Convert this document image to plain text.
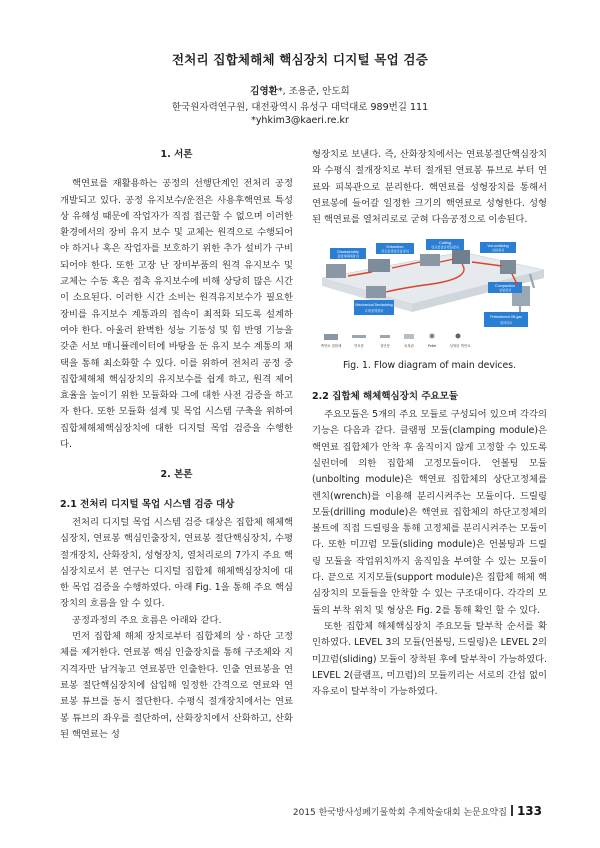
전처리 집합체해체 핵심장치 디지털 목업 검증
김영환*, 조용준, 안도희
한국원자력연구원, 대전광역시 유성구 대덕대로 989번길 111
*yhkim3@kaeri.re.kr
1. 서론

핵연료를 재활용하는 공정의 선행단계인 전처리 공정 개발되고 있다. 공정 유지보수/운전은 사용후핵연료 특성상 유해성 때문에 작업자가 직접 접근할 수 없으며 이러한 환경에서의 장비 유지 보수 및 교체는 원격으로 수행되어야 하거나 혹은 작업자를 보호하기 위한 추가 설비가 구비되어야 한다. 또한 고장 난 장비부품의 원격 유지보수 및 교체는 수동 혹은 접촉 유지보수에 비해 상당히 많은 시간이 소요된다. 이러한 시간 소비는 원격유지보수가 필요한 장비를 유지보수 계통과의 접속이 최적화 되도록 설계하여야 한다. 아울러 완벽한 성능 기동성 및 힘 반영 기능을 갖춘 서보 매니퓰레이터에 바탕을 둔 유지 보수 계통의 채택을 통해 최소화할 수 있다. 이를 위하여 전처리 공정 중 집합체해체 핵심장치의 유지보수를 쉽게 하고, 원격 제어 효율을 높이기 위한 모듈화와 그에 대한 사전 검증을 하고자 한다. 또한 모듈화 설계 및 목업 시스템 구축을 위하여 집합체해체핵심장치에 대한 디지털 목업 검증을 수행한다.

2. 본론
2.1 전처리 디지털 목업 시스템 검증 대상

전처리 디지털 목업 시스템 검증 대상은 집합체 해체핵심장치, 연료봉 핵심인출장치, 연료봉 절단핵심장치, 수평절개장치, 산화장치, 성형장치, 열처리로의 7가지 주요 핵심장치로서 본 연구는 디지털 집합체 해체핵심장치에 대한 목업 검증을 수행하였다. 아래 Fig. 1을 통해 주요 핵심장치의 흐름을 알 수 있다.

공정과정의 주요 흐름은 아래와 같다.

먼저 집합체 해체 장치로부터 집합체의 상ㆍ하단 고정체를 제거한다. 연료봉 핵심 인출장치를 통해 구조체와 지지격자만 남겨놓고 연료봉만 인출한다. 인출 연료봉을 연료봉 절단핵심장치에 삽입해 일정한 간격으로 연료와 연료봉 튜브를 동시 절단한다. 수평식 절개장치에서는 연료봉 튜브의 좌우를 절단하여, 산화장치에서 산화하고, 산화된 핵연료는 성

형장치로 보낸다. 즉, 산화장치에서는 연료봉절단핵심장치와 수평식 절개장치로 부터 절개된 연료봉 튜브로 부터 연료와 피복관으로 분리한다. 핵연료를 성형장치를 통해서 연료봉에 들어갈 일정한 크기의 핵연료로 성형한다. 성형된 핵연료를 열처리로로 굳혀 다음공정으로 이송된다.

Disassembly
집합체해체장치
Extraction
연료봉핵심인출장치
Cutting
연료봉절단핵심장치	Vol-oxidizing
산화장치
Mechanical Decladding
수평절개장치
Compaction
성형장치
Pretreatment Off-gas
열처리로
핵연료 집합체	연료봉	절단봉	피복관	Pellet	성형된 핵연료
Fig. 1. Flow diagram of main devices.
2.2 집합체 해체핵심장치 주요모듈

주요모듈은 5개의 주요 모듈로 구성되어 있으며 각각의 기능은 다음과 같다. 클램핑 모듈(clamping module)은 핵연료 집합체가 안착 후 움직이지 않게 고정할 수 있도록 실린더에 의한 집합체 고정모듈이다. 언볼팅 모듈(unbolting module)은 핵연료 집합체의 상단고정체를 렌치(wrench)를 이용해 분리시켜주는 모듈이다. 드릴링 모듈(drilling module)은 핵연료 집합체의 하단고정체의 볼트에 직접 드릴링을 통해 고정체를 분리시켜주는 모듈이다. 또한 미끄럼 모듈(sliding module)은 언볼팅과 드릴링 모듈을 작업위치까지 움직임을 부여할 수 있는 모듈이다. 끝으로 지지모듈(support module)은 집합체 해체 핵심장치의 모듈들을 안착할 수 있는 구조대이다. 각각의 모듈의 부착 위치 및 형상은 Fig. 2를 통해 확인 할 수 있다.

또한 집합체 해체핵심장치 주요모듈 탈부착 순서를 확인하였다. LEVEL 3의 모듈(언볼팅, 드릴링)은 LEVEL 2의 미끄럼(sliding) 모듈이 장착된 후에 탈부착이 가능하였다. LEVEL 2(클램프, 미끄럼)의 모듈끼리는 서로의 간섭 없이 자유로이 탈부착이 가능하였다.

2015 한국방사성폐기물학회 추계학술대회 논문요약집 133
